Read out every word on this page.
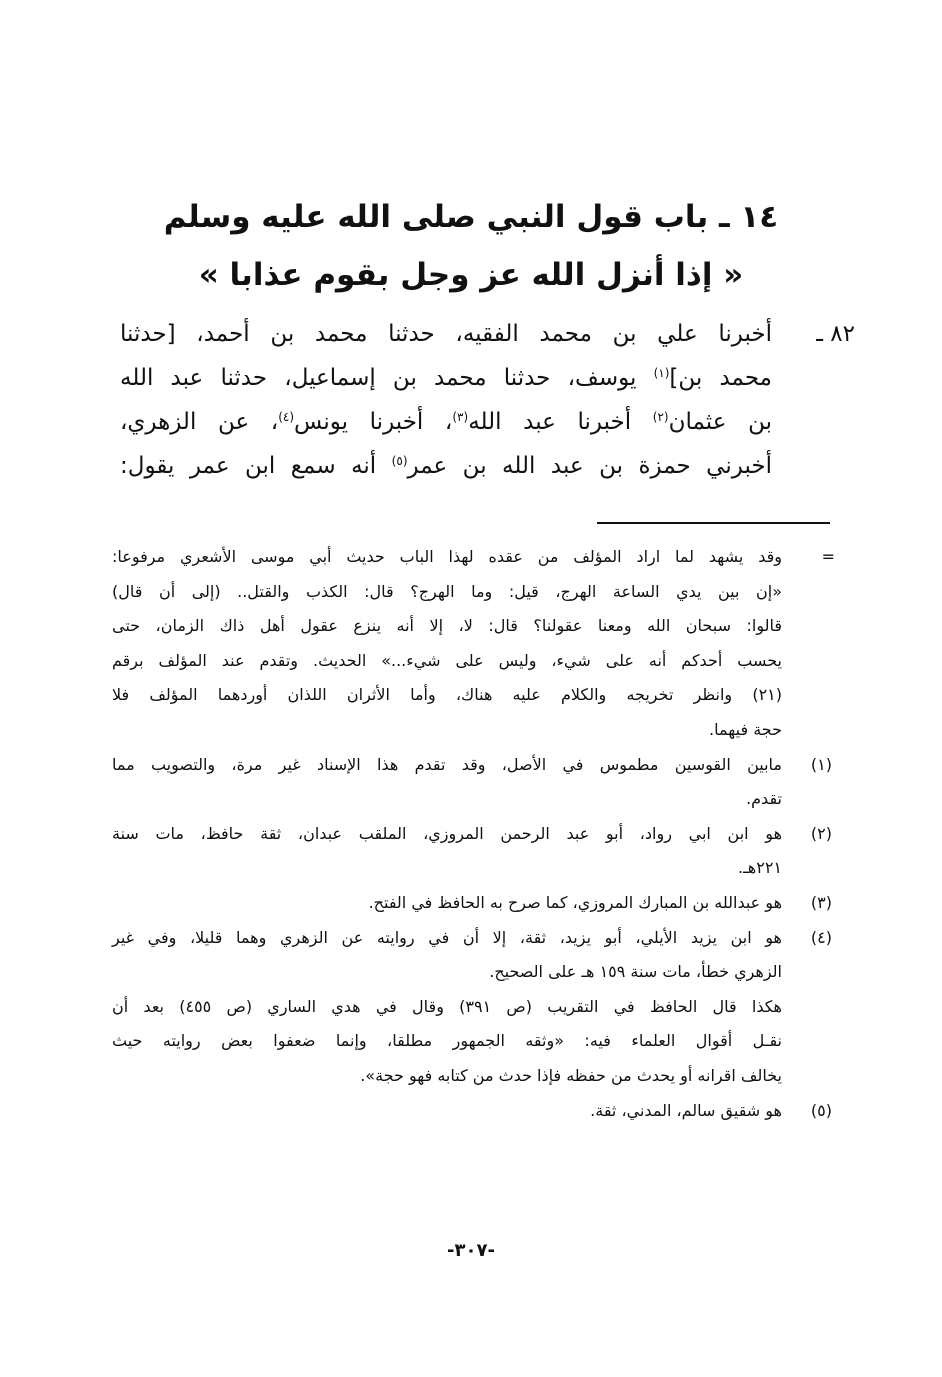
١٤ ـ باب قول النبي صلى الله عليه وسلم
« إذا أنزل الله عز وجل بقوم عذابا »
٨٢ ـ
أخبرنا علي بن محمد الفقيه، حدثنا محمد بن أحمد، [حدثنا
محمد بن]$^{(١)}$ يوسف، حدثنا محمد بن إسماعيل، حدثنا عبد الله
بن عثمان$^{(٢)}$ أخبرنا عبد الله$^{(٣)}$، أخبرنا يونس$^{(٤)}$، عن الزهري،
أخبرني حمزة بن عبد الله بن عمر$^{(٥)}$ أنه سمع ابن عمر يقول:
=
وقد يشهد لما اراد المؤلف من عقده لهذا الباب حديث أبي موسى الأشعري مرفوعا:
«إن بين يدي الساعة الهرج، قيل: وما الهرج؟ قال: الكذب والقتل.. (إلى أن قال)
قالوا: سبحان الله ومعنا عقولنا؟ قال: لا، إلا أنه ينزع عقول أهل ذاك الزمان، حتى
يحسب أحدكم أنه على شيء، وليس على شيء...» الحديث. وتقدم عند المؤلف برقم
(٢١) وانظر تخريجه والكلام عليه هناك، وأما الأثران اللذان أوردهما المؤلف فلا
حجة فيهما.
(١)
مابين القوسين مطموس في الأصل، وقد تقدم هذا الإسناد غير مرة، والتصويب مما
تقدم.
(٢)
هو ابن ابي رواد، أبو عبد الرحمن المروزي، الملقب عبدان، ثقة حافظ، مات سنة
٢٢١هـ.
(٣)
هو عبدالله بن المبارك المروزي، كما صرح به الحافظ في الفتح.
(٤)
هو ابن يزيد الأيلي، أبو يزيد، ثقة، إلا أن في روايته عن الزهري وهما قليلا، وفي غير
الزهري خطأ، مات سنة ١٥٩ هـ على الصحيح.
هكذا قال الحافظ في التقريب (ص ٣٩١) وقال في هدي الساري (ص ٤٥٥) بعد أن
نقـل أقوال العلماء فيه: «وثقه الجمهور مطلقا، وإنما ضعفوا بعض روايته حيث
يخالف اقرانه أو يحدث من حفظه فإذا حدث من كتابه فهو حجة».
(٥)
هو شقيق سالم، المدني، ثقة.
-٣٠٧-
